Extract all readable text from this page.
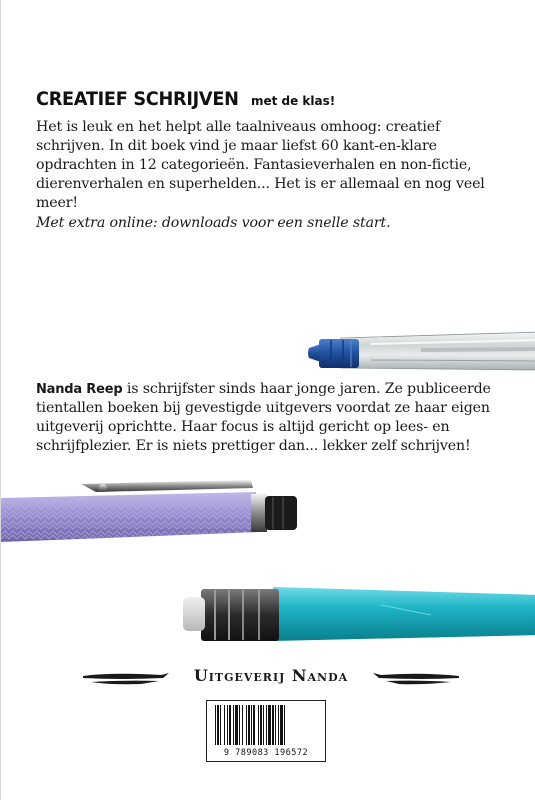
CREATIEF SCHRIJVEN met de klas!

Het is leuk en het helpt alle taalniveaus omhoog: creatief schrijven. In dit boek vind je maar liefst 60 kant-en-klare opdrachten in 12 categorieën. Fantasieverhalen en non-fictie, dierenverhalen en superhelden... Het is er allemaal en nog veel meer!

Met extra online: downloads voor een snelle start.

Nanda Reep is schrijfster sinds haar jonge jaren. Ze publiceerde tientallen boeken bij gevestigde uitgevers voordat ze haar eigen uitgeverij oprichtte. Haar focus is altijd gericht op lees- en schrijfplezier. Er is niets prettiger dan... lekker zelf schrijven!

Uitgeverij Nanda
9 789083 196572
